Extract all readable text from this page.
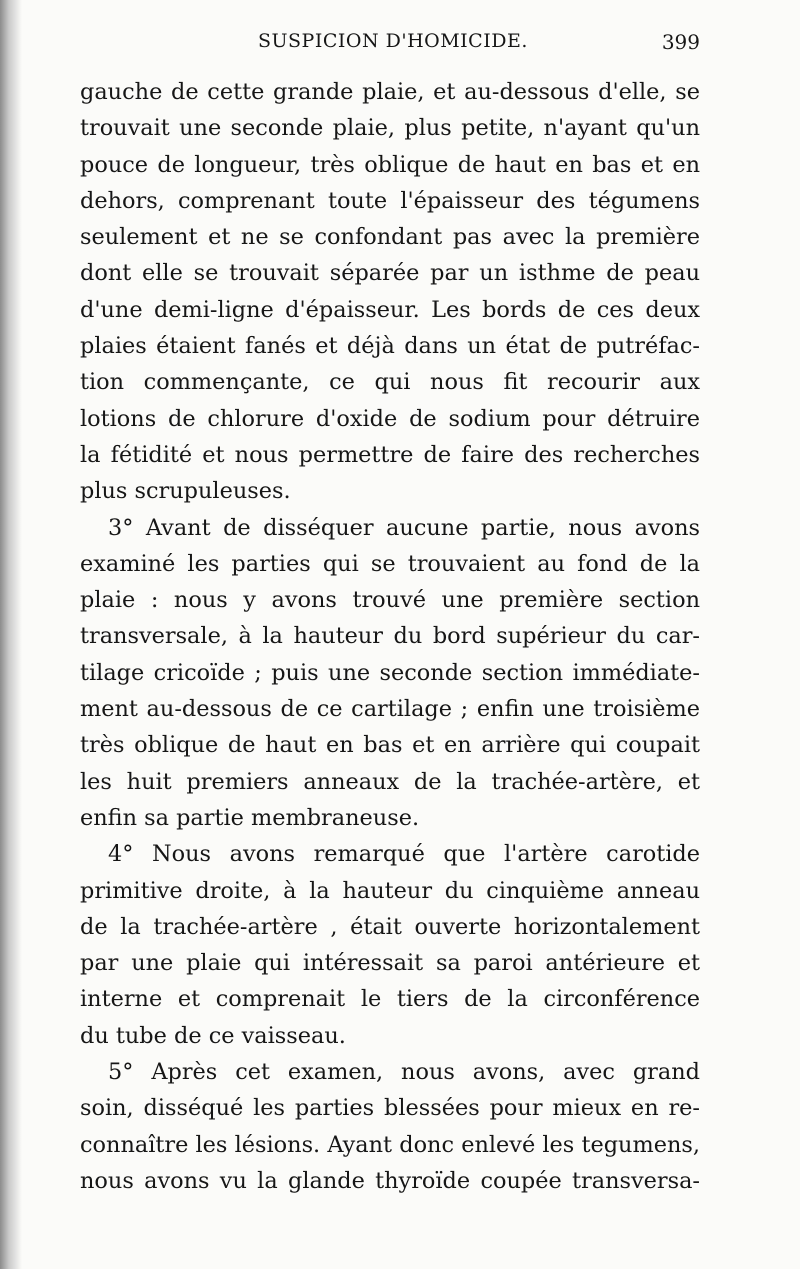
SUSPICION D'HOMICIDE.	399
gauche de cette grande plaie, et au-dessous d'elle, se
trouvait une seconde plaie, plus petite, n'ayant qu'un
pouce de longueur, très oblique de haut en bas et en
dehors, comprenant toute l'épaisseur des tégumens
seulement et ne se confondant pas avec la première
dont elle se trouvait séparée par un isthme de peau
d'une demi-ligne d'épaisseur. Les bords de ces deux
plaies étaient fanés et déjà dans un état de putréfac-
tion commençante, ce qui nous fit recourir aux
lotions de chlorure d'oxide de sodium pour détruire
la fétidité et nous permettre de faire des recherches
plus scrupuleuses.
3° Avant de disséquer aucune partie, nous avons
examiné les parties qui se trouvaient au fond de la
plaie : nous y avons trouvé une première section
transversale, à la hauteur du bord supérieur du car-
tilage cricoïde ; puis une seconde section immédiate-
ment au-dessous de ce cartilage ; enfin une troisième
très oblique de haut en bas et en arrière qui coupait
les huit premiers anneaux de la trachée-artère, et
enfin sa partie membraneuse.
4° Nous avons remarqué que l'artère carotide
primitive droite, à la hauteur du cinquième anneau
de la trachée-artère , était ouverte horizontalement
par une plaie qui intéressait sa paroi antérieure et
interne et comprenait le tiers de la circonférence
du tube de ce vaisseau.
5° Après cet examen, nous avons, avec grand
soin, disséqué les parties blessées pour mieux en re-
connaître les lésions. Ayant donc enlevé les tegumens,
nous avons vu la glande thyroïde coupée transversa-
